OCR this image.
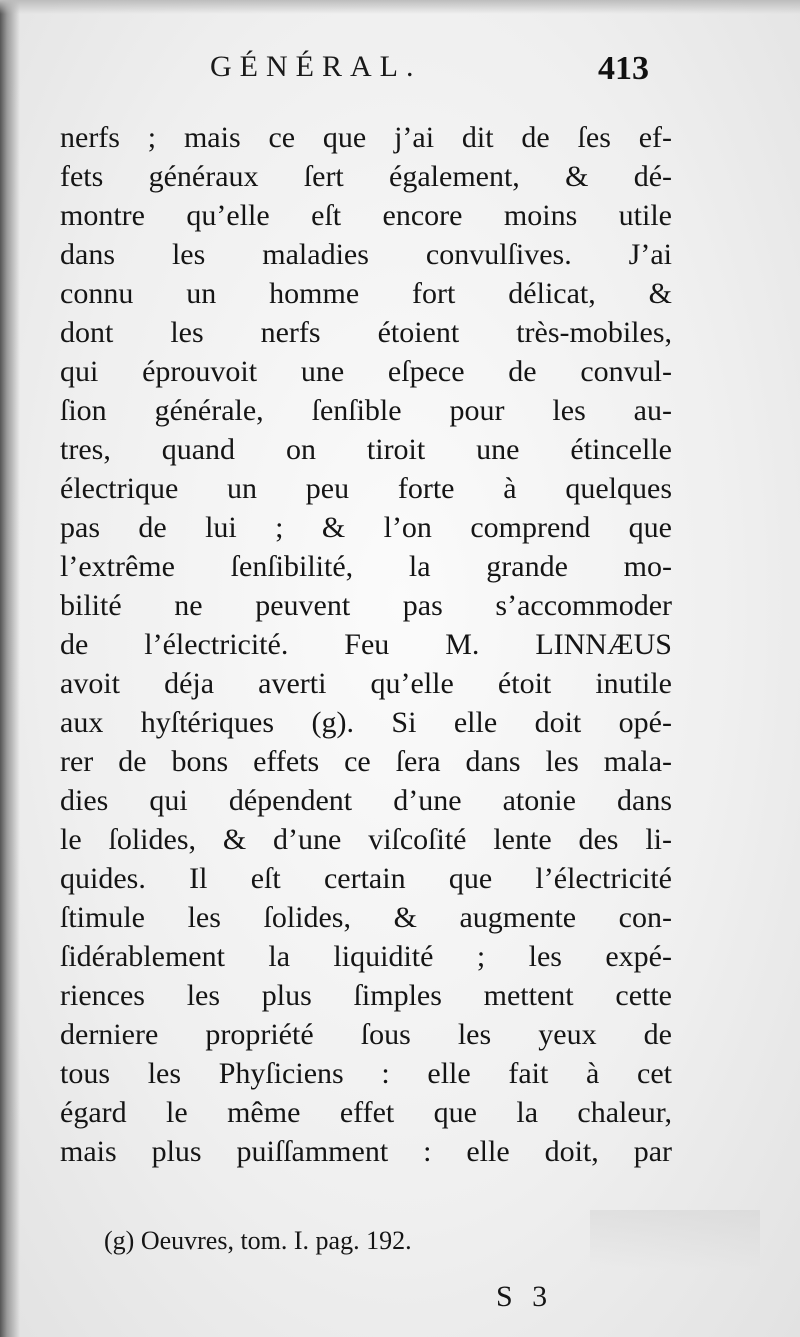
GÉNÉRAL.	413
nerfs ; mais ce que j’ai dit de ſes ef-
fets généraux ſert également, & dé-
montre qu’elle eſt encore moins utile
dans les maladies convulſives. J’ai
connu un homme fort délicat, &
dont les nerfs étoient très-mobiles,
qui éprouvoit une eſpece de convul-
ſion générale, ſenſible pour les au-
tres, quand on tiroit une étincelle
électrique un peu forte à quelques
pas de lui ; & l’on comprend que
l’extrême ſenſibilité, la grande mo-
bilité ne peuvent pas s’accommoder
de l’électricité. Feu M. LINNÆUS
avoit déja averti qu’elle étoit inutile
aux hyſtériques (g). Si elle doit opé-
rer de bons effets ce ſera dans les mala-
dies qui dépendent d’une atonie dans
le ſolides, & d’une viſcoſité lente des li-
quides. Il eſt certain que l’électricité
ſtimule les ſolides, & augmente con-
ſidérablement la liquidité ; les expé-
riences les plus ſimples mettent cette
derniere propriété ſous les yeux de
tous les Phyſiciens : elle fait à cet
égard le même effet que la chaleur,
mais plus puiſſamment : elle doit, par
(g) Oeuvres, tom. I. pag. 192.
S 3
